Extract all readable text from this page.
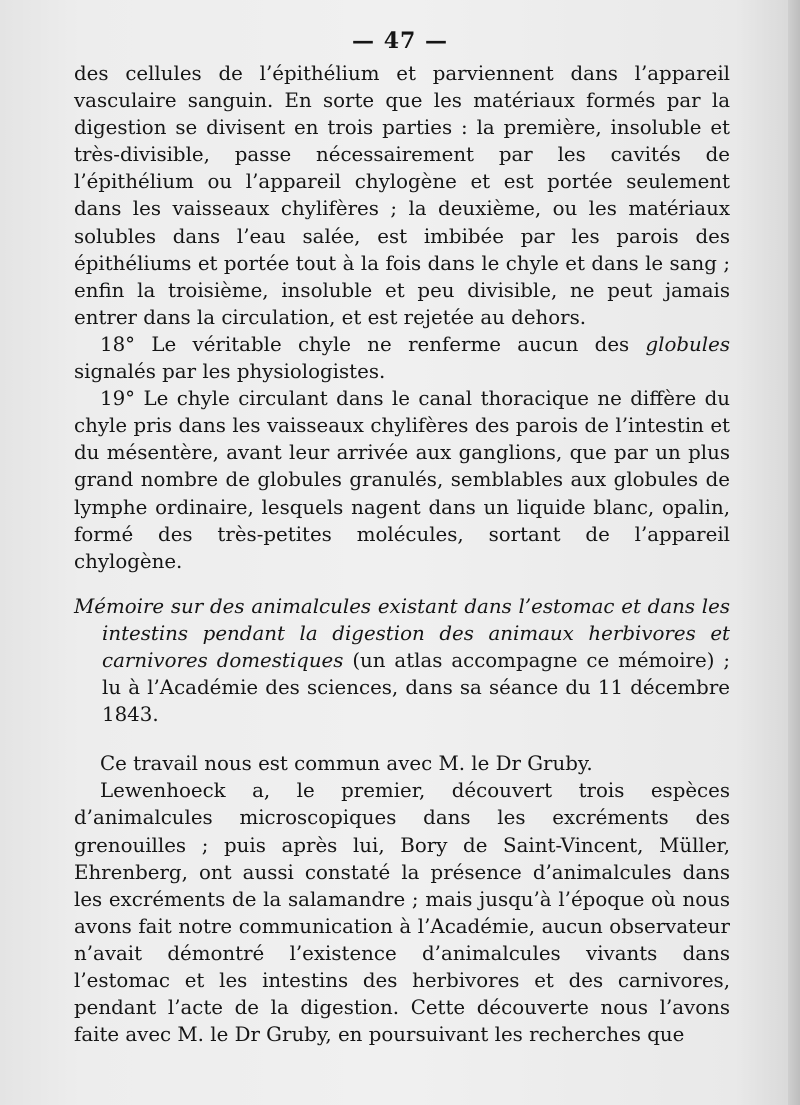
— 47 —

des cellules de l’épithélium et parviennent dans l’appareil vasculaire sanguin. En sorte que les matériaux formés par la digestion se divisent en trois parties : la première, insoluble et très-divisible, passe nécessairement par les cavités de l’épithélium ou l’appareil chylogène et est portée seulement dans les vaisseaux chylifères ; la deuxième, ou les matériaux solubles dans l’eau salée, est imbibée par les parois des épithéliums et portée tout à la fois dans le chyle et dans le sang ; enfin la troisième, insoluble et peu divisible, ne peut jamais entrer dans la circulation, et est rejetée au dehors.

18° Le véritable chyle ne renferme aucun des globules signalés par les physiologistes.

19° Le chyle circulant dans le canal thoracique ne diffère du chyle pris dans les vaisseaux chylifères des parois de l’intestin et du mésentère, avant leur arrivée aux ganglions, que par un plus grand nombre de globules granulés, semblables aux globules de lymphe ordinaire, lesquels nagent dans un liquide blanc, opalin, formé des très-petites molécules, sortant de l’appareil chylogène.

Mémoire sur des animalcules existant dans l’estomac et dans les intestins pendant la digestion des animaux herbivores et carnivores domestiques (un atlas accompagne ce mémoire) ; lu à l’Académie des sciences, dans sa séance du 11 décembre 1843.

Ce travail nous est commun avec M. le Dr Gruby.

Lewenhoeck a, le premier, découvert trois espèces d’animalcules microscopiques dans les excréments des grenouilles ; puis après lui, Bory de Saint-Vincent, Müller, Ehrenberg, ont aussi constaté la présence d’animalcules dans les excréments de la salamandre ; mais jusqu’à l’époque où nous avons fait notre communication à l’Académie, aucun observateur n’avait démontré l’existence d’animalcules vivants dans l’estomac et les intestins des herbivores et des carnivores, pendant l’acte de la digestion. Cette découverte nous l’avons faite avec M. le Dr Gruby, en poursuivant les recherches que
